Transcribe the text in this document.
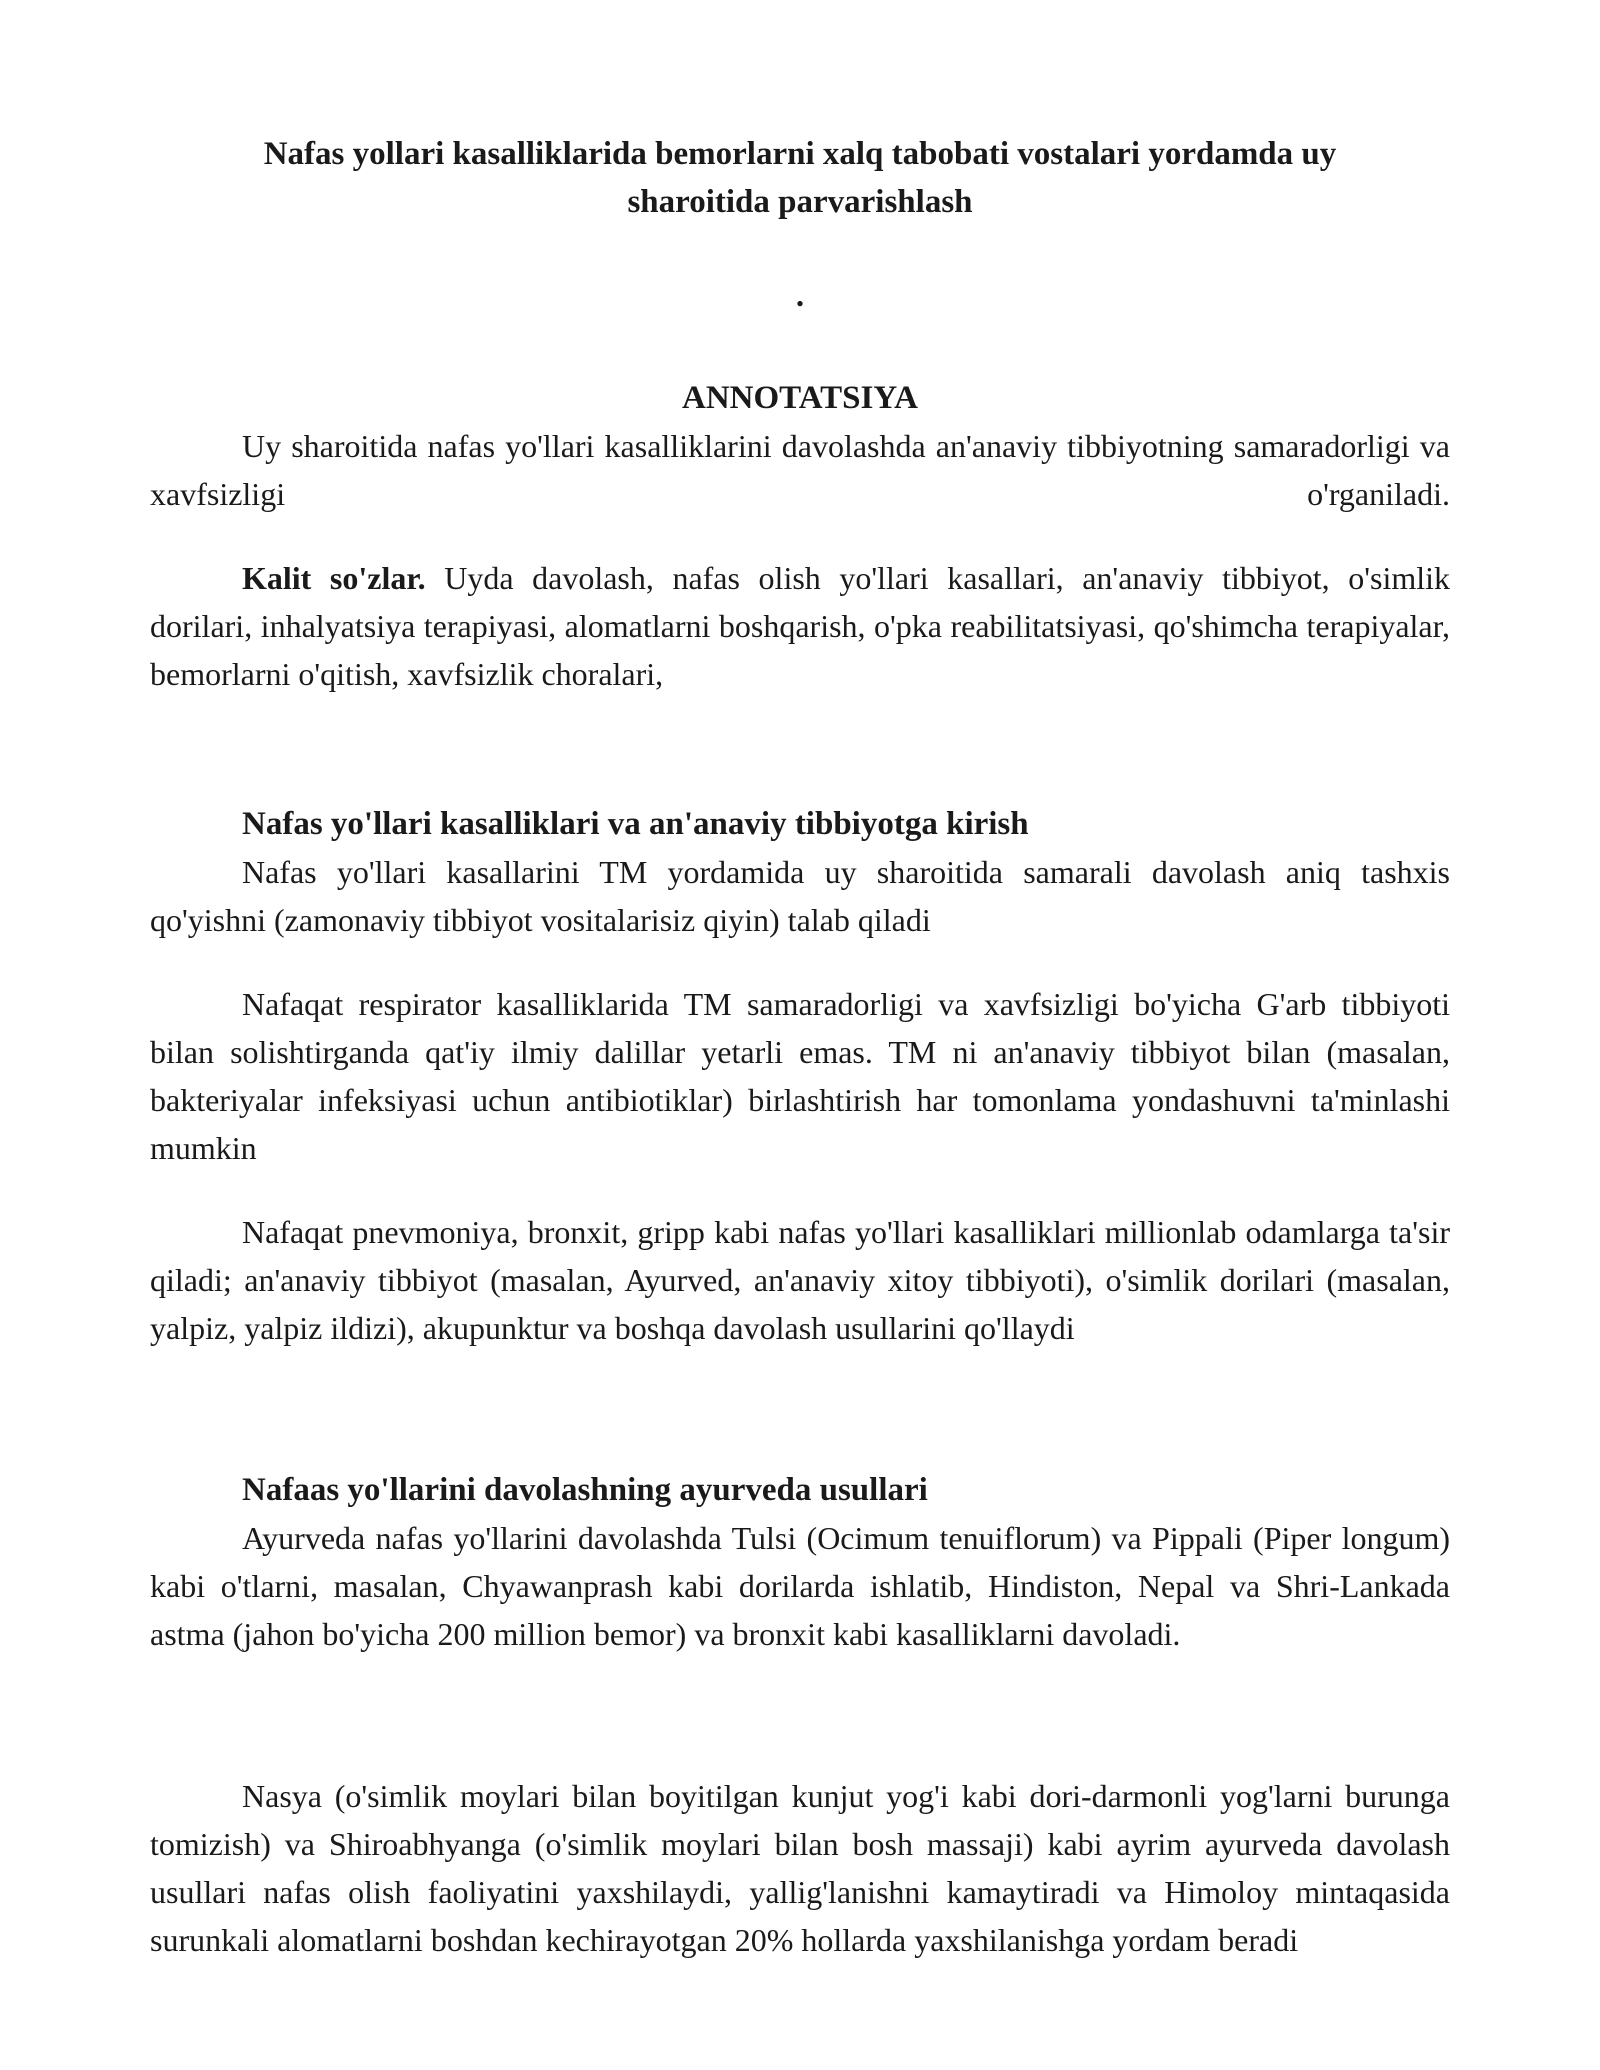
Nafas yollari kasalliklarida bemorlarni xalq tabobati vostalari yordamda uy
sharoitida parvarishlash
.
ANNOTATSIYA

Uy sharoitida nafas yo'llari kasalliklarini davolashda an'anaviy tibbiyotning samaradorligi va xavfsizligi o'rganiladi.

Kalit so'zlar. Uyda davolash, nafas olish yo'llari kasallari, an'anaviy tibbiyot, o'simlik dorilari, inhalyatsiya terapiyasi, alomatlarni boshqarish, o'pka reabilitatsiyasi, qo'shimcha terapiyalar, bemorlarni o'qitish, xavfsizlik choralari,

Nafas yo'llari kasalliklari va an'anaviy tibbiyotga kirish

Nafas yo'llari kasallarini TM yordamida uy sharoitida samarali davolash aniq tashxis qo'yishni (zamonaviy tibbiyot vositalarisiz qiyin) talab qiladi

Nafaqat respirator kasalliklarida TM samaradorligi va xavfsizligi bo'yicha G'arb tibbiyoti bilan solishtirganda qat'iy ilmiy dalillar yetarli emas. TM ni an'anaviy tibbiyot bilan (masalan, bakteriyalar infeksiyasi uchun antibiotiklar) birlashtirish har tomonlama yondashuvni ta'minlashi mumkin

Nafaqat pnevmoniya, bronxit, gripp kabi nafas yo'llari kasalliklari millionlab odamlarga ta'sir qiladi; an'anaviy tibbiyot (masalan, Ayurved, an'anaviy xitoy tibbiyoti), o'simlik dorilari (masalan, yalpiz, yalpiz ildizi), akupunktur va boshqa davolash usullarini qo'llaydi

Nafaas yo'llarini davolashning ayurveda usullari

Ayurveda nafas yo'llarini davolashda Tulsi (Ocimum tenuiflorum) va Pippali (Piper longum) kabi o'tlarni, masalan, Chyawanprash kabi dorilarda ishlatib, Hindiston, Nepal va Shri-Lankada astma (jahon bo'yicha 200 million bemor) va bronxit kabi kasalliklarni davoladi.

Nasya (o'simlik moylari bilan boyitilgan kunjut yog'i kabi dori-darmonli yog'larni burunga tomizish) va Shiroabhyanga (o'simlik moylari bilan bosh massaji) kabi ayrim ayurveda davolash usullari nafas olish faoliyatini yaxshilaydi, yallig'lanishni kamaytiradi va Himoloy mintaqasida surunkali alomatlarni boshdan kechirayotgan 20% hollarda yaxshilanishga yordam beradi
